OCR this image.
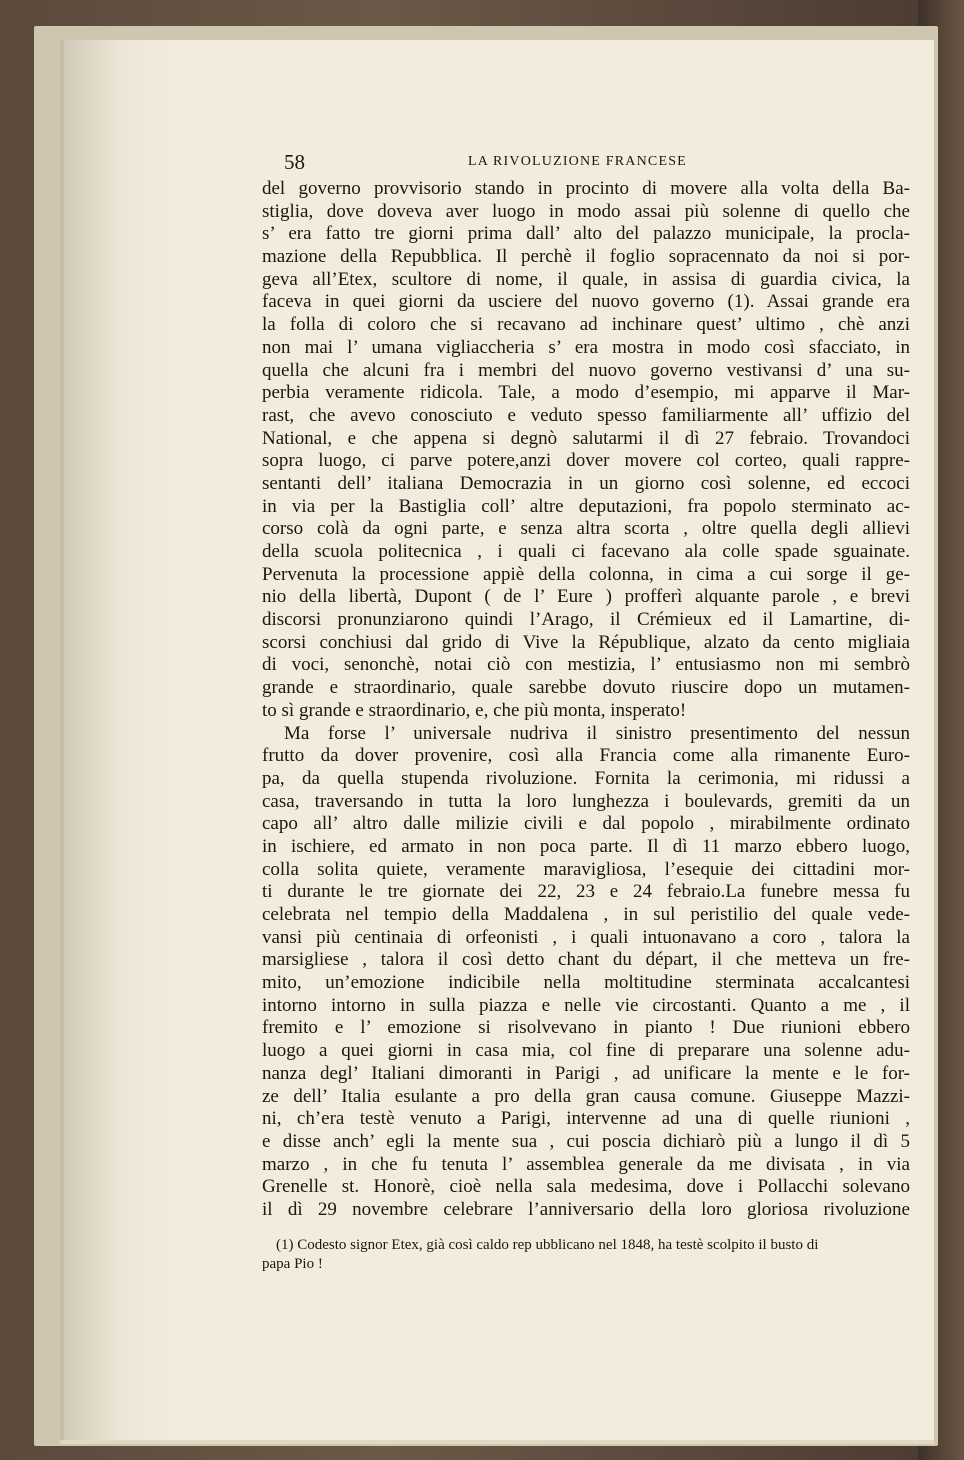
58	LA RIVOLUZIONE FRANCESE
del governo provvisorio stando in procinto di movere alla volta della Ba-
stiglia, dove doveva aver luogo in modo assai più solenne di quello che
s’ era fatto tre giorni prima dall’ alto del palazzo municipale, la procla-
mazione della Repubblica. Il perchè il foglio sopracennato da noi si por-
geva all’Etex, scultore di nome, il quale, in assisa di guardia civica, la
faceva in quei giorni da usciere del nuovo governo (1). Assai grande era
la folla di coloro che si recavano ad inchinare quest’ ultimo , chè anzi
non mai l’ umana vigliaccheria s’ era mostra in modo così sfacciato, in
quella che alcuni fra i membri del nuovo governo vestivansi d’ una su-
perbia veramente ridicola. Tale, a modo d’esempio, mi apparve il Mar-
rast, che avevo conosciuto e veduto spesso familiarmente all’ uffizio del
National, e che appena si degnò salutarmi il dì 27 febraio. Trovandoci
sopra luogo, ci parve potere,anzi dover movere col corteo, quali rappre-
sentanti dell’ italiana Democrazia in un giorno così solenne, ed eccoci
in via per la Bastiglia coll’ altre deputazioni, fra popolo sterminato ac-
corso colà da ogni parte, e senza altra scorta , oltre quella degli allievi
della scuola politecnica , i quali ci facevano ala colle spade sguainate.
Pervenuta la processione appiè della colonna, in cima a cui sorge il ge-
nio della libertà, Dupont ( de l’ Eure ) profferì alquante parole , e brevi
discorsi pronunziarono quindi l’Arago, il Crémieux ed il Lamartine, di-
scorsi conchiusi dal grido di Vive la République, alzato da cento migliaia
di voci, senonchè, notai ciò con mestizia, l’ entusiasmo non mi sembrò
grande e straordinario, quale sarebbe dovuto riuscire dopo un mutamen-
to sì grande e straordinario, e, che più monta, insperato!
Ma forse l’ universale nudriva il sinistro presentimento del nessun
frutto da dover provenire, così alla Francia come alla rimanente Euro-
pa, da quella stupenda rivoluzione. Fornita la cerimonia, mi ridussi a
casa, traversando in tutta la loro lunghezza i boulevards, gremiti da un
capo all’ altro dalle milizie civili e dal popolo , mirabilmente ordinato
in ischiere, ed armato in non poca parte. Il dì 11 marzo ebbero luogo,
colla solita quiete, veramente maravigliosa, l’esequie dei cittadini mor-
ti durante le tre giornate dei 22, 23 e 24 febraio.La funebre messa fu
celebrata nel tempio della Maddalena , in sul peristilio del quale vede-
vansi più centinaia di orfeonisti , i quali intuonavano a coro , talora la
marsigliese , talora il così detto chant du départ, il che metteva un fre-
mito, un’emozione indicibile nella moltitudine sterminata accalcantesi
intorno intorno in sulla piazza e nelle vie circostanti. Quanto a me , il
fremito e l’ emozione si risolvevano in pianto ! Due riunioni ebbero
luogo a quei giorni in casa mia, col fine di preparare una solenne adu-
nanza degl’ Italiani dimoranti in Parigi , ad unificare la mente e le for-
ze dell’ Italia esulante a pro della gran causa comune. Giuseppe Mazzi-
ni, ch’era testè venuto a Parigi, intervenne ad una di quelle riunioni ,
e disse anch’ egli la mente sua , cui poscia dichiarò più a lungo il dì 5
marzo , in che fu tenuta l’ assemblea generale da me divisata , in via
Grenelle st. Honorè, cioè nella sala medesima, dove i Pollacchi solevano
il dì 29 novembre celebrare l’anniversario della loro gloriosa rivoluzione
(1) Codesto signor Etex, già così caldo rep ubblicano nel 1848, ha testè scolpito il busto di
papa Pio !
